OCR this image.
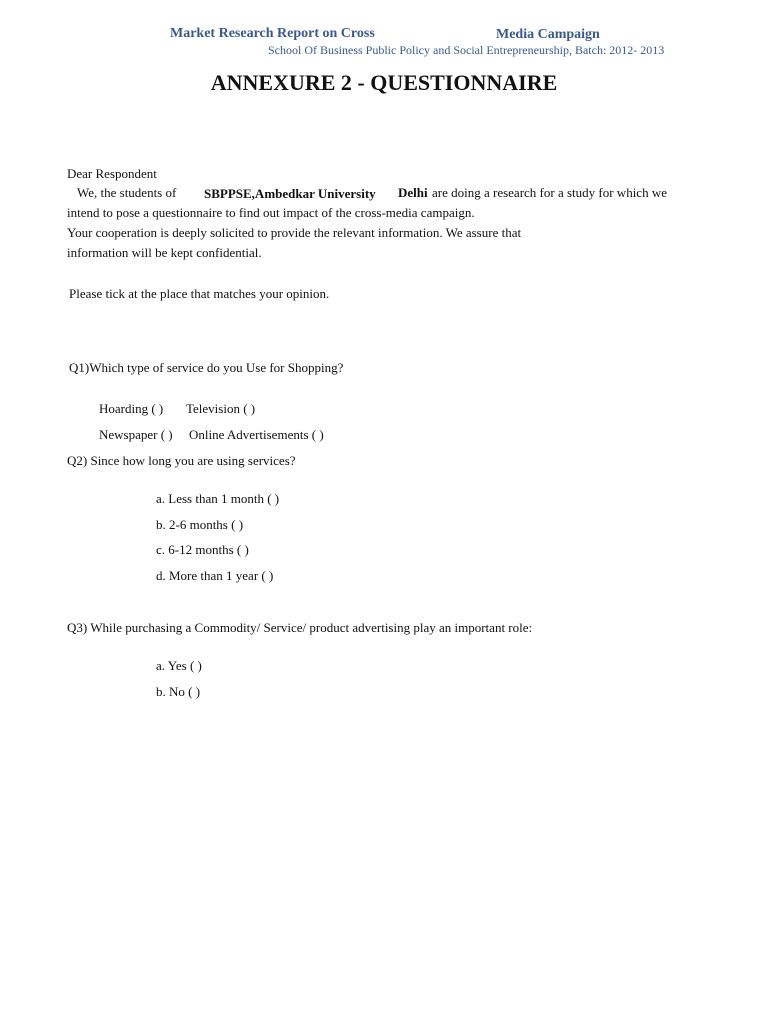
Market Research Report on Cross	Media Campaign
School Of Business Public Policy and Social Entrepreneurship, Batch: 2012- 2013
ANNEXURE 2 - QUESTIONNAIRE
Dear Respondent
We, the students of SBPPSE,Ambedkar University Delhi are doing a research for a study for which we
intend to pose a questionnaire to find out impact of the cross-media campaign.
Your cooperation is deeply solicited to provide the relevant information. We assure that
information will be kept confidential.
Please tick at the place that matches your opinion.
Q1)Which type of service do you Use for Shopping?
Hoarding ( ) Television ( )
Newspaper ( ) Online Advertisements ( )
Q2) Since how long you are using services?
a. Less than 1 month ( )
b. 2-6 months ( )
c. 6-12 months ( )
d. More than 1 year ( )
Q3) While purchasing a Commodity/ Service/ product advertising play an important role:
a. Yes ( )
b. No ( )
